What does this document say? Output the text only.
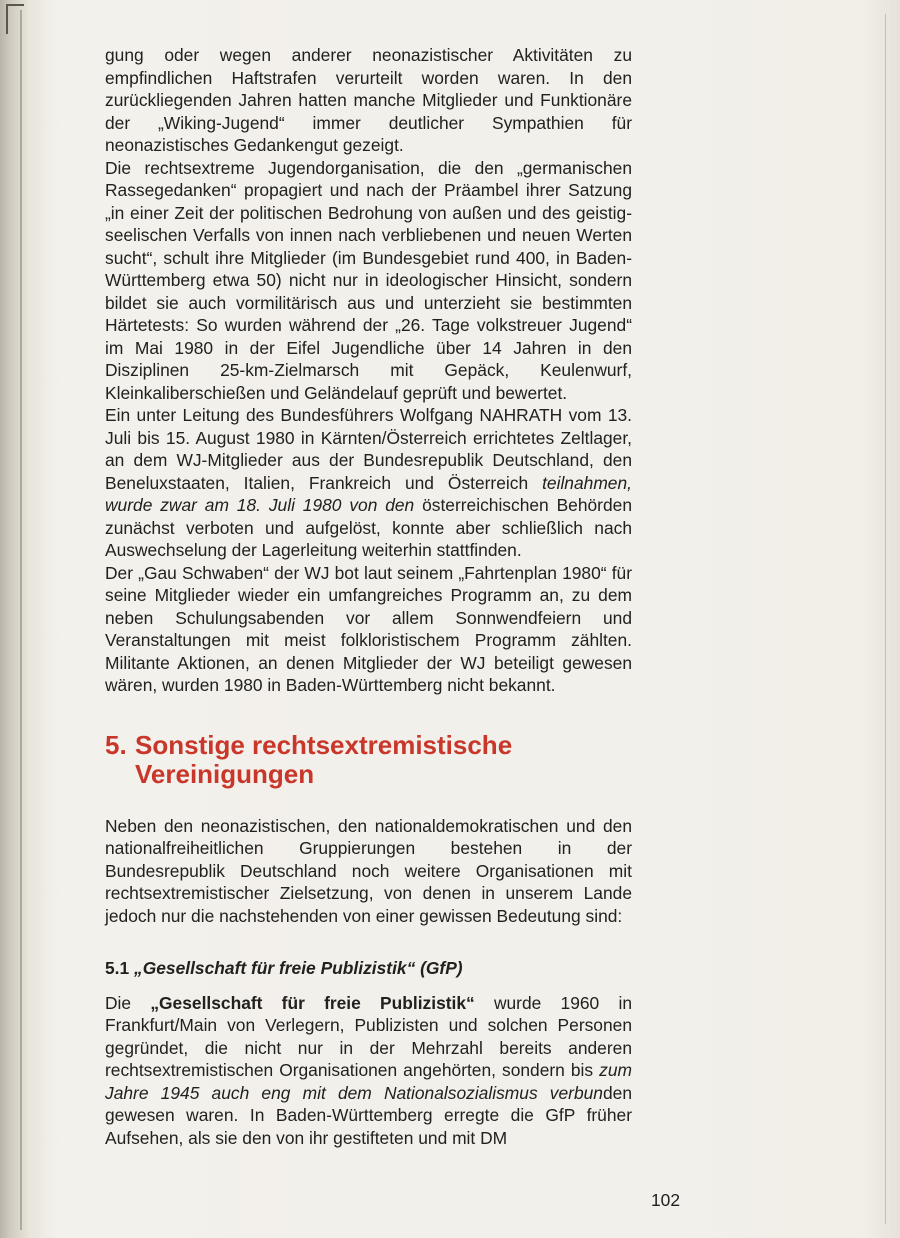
gung oder wegen anderer neonazistischer Aktivitäten zu empfindlichen Haftstrafen verurteilt worden waren. In den zurückliegenden Jahren hatten manche Mitglieder und Funktionäre der „Wiking-Jugend“ immer deutlicher Sympathien für neonazistisches Gedankengut gezeigt.

Die rechtsextreme Jugendorganisation, die den „germanischen Rassegedanken“ propagiert und nach der Präambel ihrer Satzung „in einer Zeit der politischen Bedrohung von außen und des geistig-seelischen Verfalls von innen nach verbliebenen und neuen Werten sucht“, schult ihre Mitglieder (im Bundesgebiet rund 400, in Baden-Württemberg etwa 50) nicht nur in ideologischer Hinsicht, sondern bildet sie auch vormilitärisch aus und unterzieht sie bestimmten Härtetests: So wurden während der „26. Tage volkstreuer Jugend“ im Mai 1980 in der Eifel Jugendliche über 14 Jahren in den Disziplinen 25-km-Zielmarsch mit Gepäck, Keulenwurf, Kleinkaliberschießen und Geländelauf geprüft und bewertet.

Ein unter Leitung des Bundesführers Wolfgang NAHRATH vom 13. Juli bis 15. August 1980 in Kärnten/Österreich errichtetes Zeltlager, an dem WJ-Mitglieder aus der Bundesrepublik Deutschland, den Beneluxstaaten, Italien, Frankreich und Österreich teilnahmen, wurde zwar am 18. Juli 1980 von den österreichischen Behörden zunächst verboten und aufgelöst, konnte aber schließlich nach Auswechselung der Lagerleitung weiterhin stattfinden.

Der „Gau Schwaben“ der WJ bot laut seinem „Fahrtenplan 1980“ für seine Mitglieder wieder ein umfangreiches Programm an, zu dem neben Schulungsabenden vor allem Sonnwendfeiern und Veranstaltungen mit meist folkloristischem Programm zählten. Militante Aktionen, an denen Mitglieder der WJ beteiligt gewesen wären, wurden 1980 in Baden-Württemberg nicht bekannt.

5. Sonstige rechtsextremistische Vereinigungen

Neben den neonazistischen, den nationaldemokratischen und den nationalfreiheitlichen Gruppierungen bestehen in der Bundesrepublik Deutschland noch weitere Organisationen mit rechtsextremistischer Zielsetzung, von denen in unserem Lande jedoch nur die nachstehenden von einer gewissen Bedeutung sind:

5.1 „Gesellschaft für freie Publizistik“ (GfP)

Die „Gesellschaft für freie Publizistik“ wurde 1960 in Frankfurt/Main von Verlegern, Publizisten und solchen Personen gegründet, die nicht nur in der Mehrzahl bereits anderen rechtsextremistischen Organisationen angehörten, sondern bis zum Jahre 1945 auch eng mit dem Nationalsozialismus verbunden gewesen waren. In Baden-Württemberg erregte die GfP früher Aufsehen, als sie den von ihr gestifteten und mit DM

102
